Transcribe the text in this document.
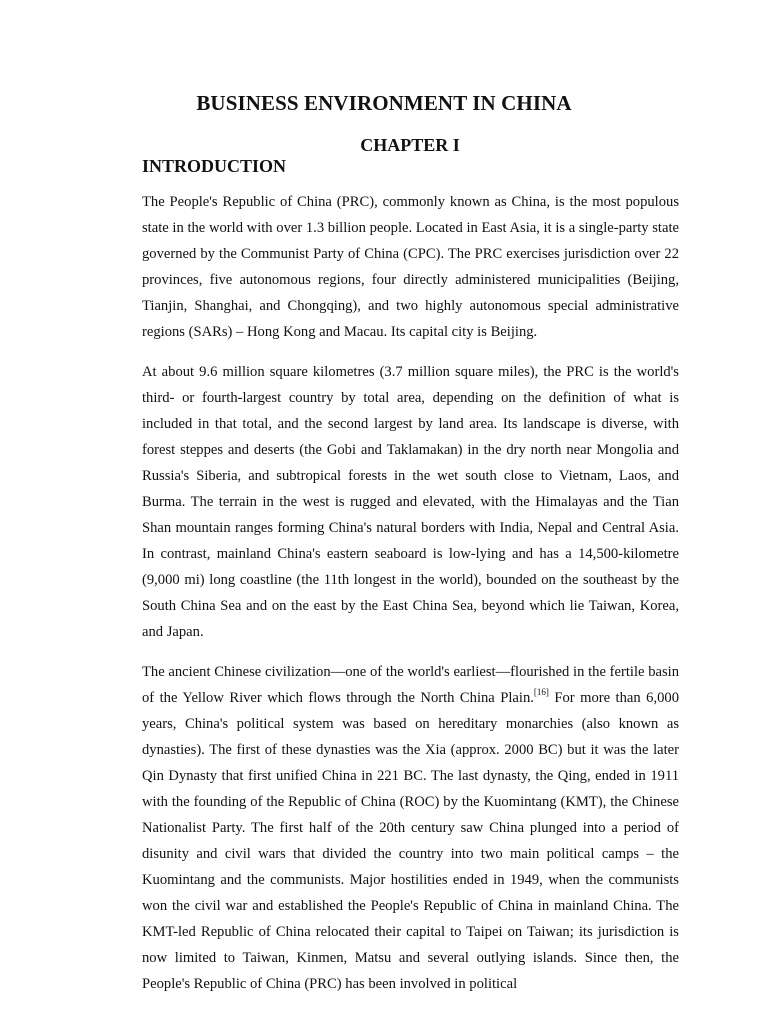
BUSINESS ENVIRONMENT IN CHINA
CHAPTER I
INTRODUCTION

The People's Republic of China (PRC), commonly known as China, is the most populous state in the world with over 1.3 billion people. Located in East Asia, it is a single-party state governed by the Communist Party of China (CPC). The PRC exercises jurisdiction over 22 provinces, five autonomous regions, four directly administered municipalities (Beijing, Tianjin, Shanghai, and Chongqing), and two highly autonomous special administrative regions (SARs) – Hong Kong and Macau. Its capital city is Beijing.

At about 9.6 million square kilometres (3.7 million square miles), the PRC is the world's third- or fourth-largest country by total area, depending on the definition of what is included in that total, and the second largest by land area. Its landscape is diverse, with forest steppes and deserts (the Gobi and Taklamakan) in the dry north near Mongolia and Russia's Siberia, and subtropical forests in the wet south close to Vietnam, Laos, and Burma. The terrain in the west is rugged and elevated, with the Himalayas and the Tian Shan mountain ranges forming China's natural borders with India, Nepal and Central Asia. In contrast, mainland China's eastern seaboard is low-lying and has a 14,500-kilometre (9,000 mi) long coastline (the 11th longest in the world), bounded on the southeast by the South China Sea and on the east by the East China Sea, beyond which lie Taiwan, Korea, and Japan.

The ancient Chinese civilization—one of the world's earliest—flourished in the fertile basin of the Yellow River which flows through the North China Plain.[16] For more than 6,000 years, China's political system was based on hereditary monarchies (also known as dynasties). The first of these dynasties was the Xia (approx. 2000 BC) but it was the later Qin Dynasty that first unified China in 221 BC. The last dynasty, the Qing, ended in 1911 with the founding of the Republic of China (ROC) by the Kuomintang (KMT), the Chinese Nationalist Party. The first half of the 20th century saw China plunged into a period of disunity and civil wars that divided the country into two main political camps – the Kuomintang and the communists. Major hostilities ended in 1949, when the communists won the civil war and established the People's Republic of China in mainland China. The KMT-led Republic of China relocated their capital to Taipei on Taiwan; its jurisdiction is now limited to Taiwan, Kinmen, Matsu and several outlying islands. Since then, the People's Republic of China (PRC) has been involved in political
